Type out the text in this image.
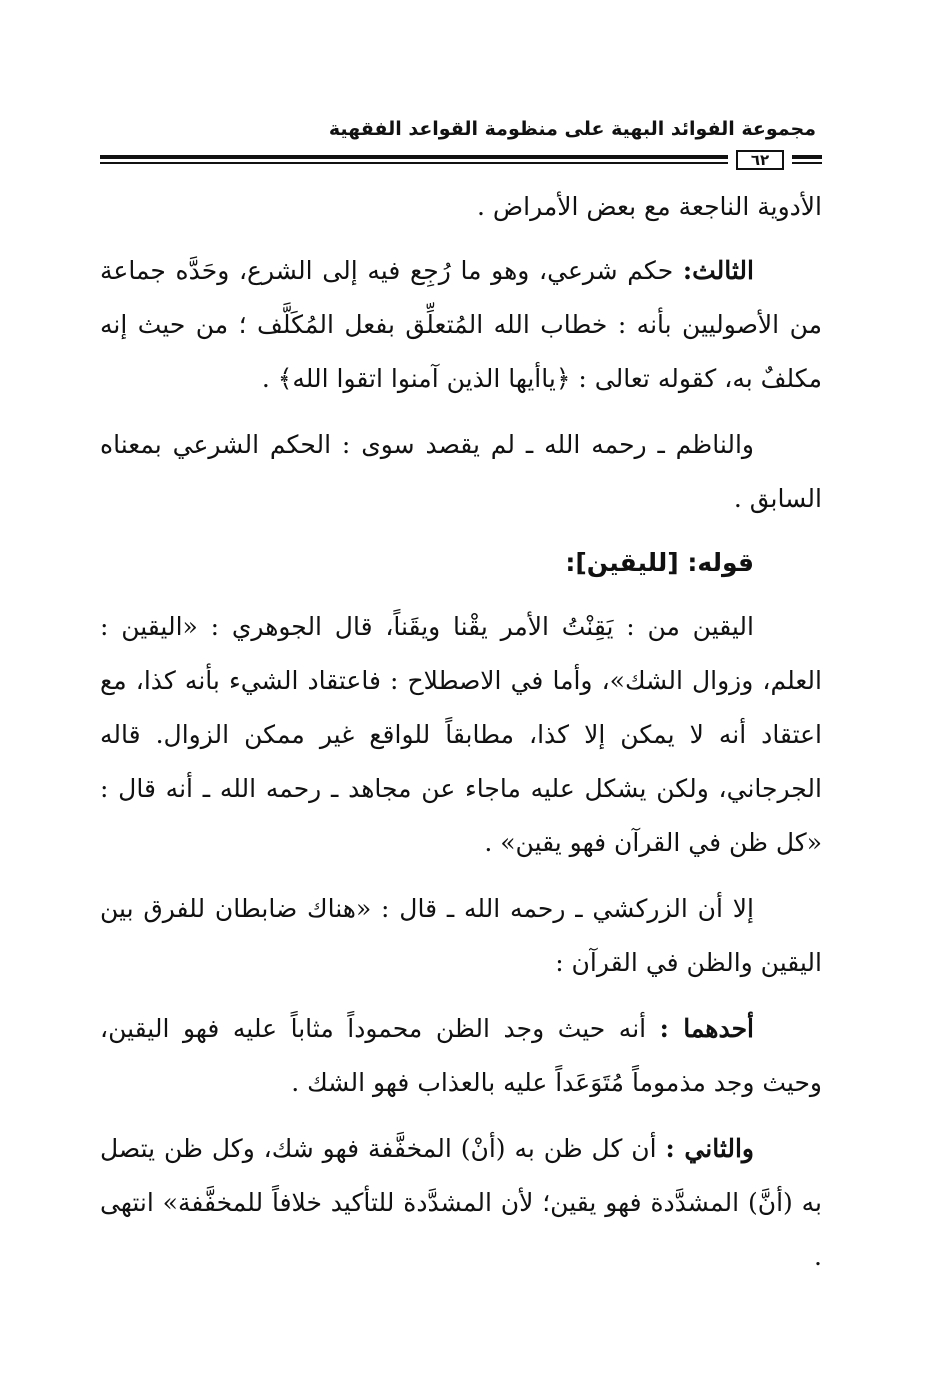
مجموعة الفوائد البهية على منظومة القواعد الفقهية
٦٢

الأدوية الناجعة مع بعض الأمراض .

الثالث: حكم شرعي، وهو ما رُجِع فيه إلى الشرع، وحَدَّه جماعة من الأصوليين بأنه : خطاب الله المُتعلِّق بفعل المُكَلَّف ؛ من حيث إنه مكلفٌ به، كقوله تعالى : ﴿ياأيها الذين آمنوا اتقوا الله﴾ .

والناظم ـ رحمه الله ـ لم يقصد سوى : الحكم الشرعي بمعناه السابق .

قوله: [لليقين]:

اليقين من : يَقِنْتُ الأمر يقْنا ويقَناً، قال الجوهري : «اليقين : العلم، وزوال الشك»، وأما في الاصطلاح : فاعتقاد الشيء بأنه كذا، مع اعتقاد أنه لا يمكن إلا كذا، مطابقاً للواقع غير ممكن الزوال. قاله الجرجاني، ولكن يشكل عليه ماجاء عن مجاهد ـ رحمه الله ـ أنه قال : «كل ظن في القرآن فهو يقين» .

إلا أن الزركشي ـ رحمه الله ـ قال : «هناك ضابطان للفرق بين اليقين والظن في القرآن :

أحدهما : أنه حيث وجد الظن محموداً مثاباً عليه فهو اليقين، وحيث وجد مذموماً مُتَوَعَداً عليه بالعذاب فهو الشك .

والثاني : أن كل ظن به (أنْ) المخفَّفة فهو شك، وكل ظن يتصل به (أنَّ) المشدَّدة فهو يقين؛ لأن المشدَّدة للتأكيد خلافاً للمخفَّفة» انتهى .
